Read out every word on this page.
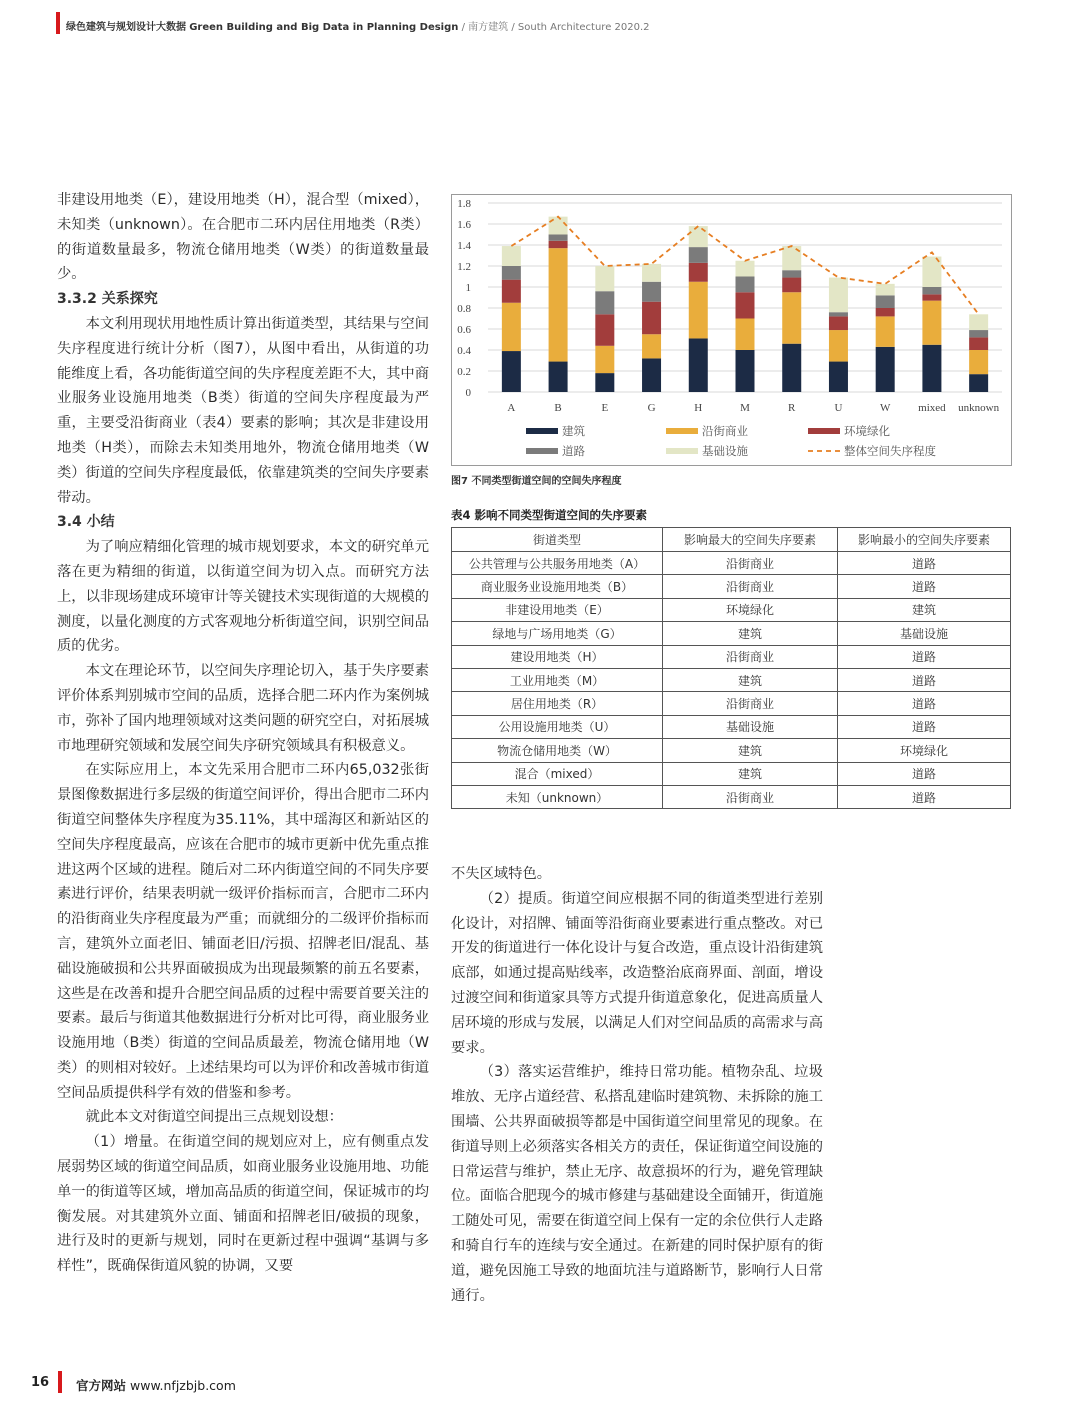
绿色建筑与规划设计大数据 Green Building and Big Data in Planning Design / 南方建筑 / South Architecture 2020.2

非建设用地类（E），建设用地类（H），混合型（mixed），未知类（unknown）。在合肥市二环内居住用地类（R类）的街道数量最多，物流仓储用地类（W类）的街道数量最少。

3.3.2 关系探究

本文利用现状用地性质计算出街道类型，其结果与空间失序程度进行统计分析（图7），从图中看出，从街道的功能维度上看，各功能街道空间的失序程度差距不大，其中商业服务业设施用地类（B类）街道的空间失序程度最为严重，主要受沿街商业（表4）要素的影响；其次是非建设用地类（H类），而除去未知类用地外，物流仓储用地类（W类）街道的空间失序程度最低，依靠建筑类的空间失序要素带动。

3.4 小结

为了响应精细化管理的城市规划要求，本文的研究单元落在更为精细的街道，以街道空间为切入点。而研究方法上，以非现场建成环境审计等关键技术实现街道的大规模的测度，以量化测度的方式客观地分析街道空间，识别空间品质的优劣。

本文在理论环节，以空间失序理论切入，基于失序要素评价体系判别城市空间的品质，选择合肥二环内作为案例城市，弥补了国内地理领域对这类问题的研究空白，对拓展城市地理研究领域和发展空间失序研究领域具有积极意义。

在实际应用上，本文先采用合肥市二环内65,032张街景图像数据进行多层级的街道空间评价，得出合肥市二环内街道空间整体失序程度为35.11%，其中瑶海区和新站区的空间失序程度最高，应该在合肥市的城市更新中优先重点推进这两个区域的进程。随后对二环内街道空间的不同失序要素进行评价，结果表明就一级评价指标而言，合肥市二环内的沿街商业失序程度最为严重；而就细分的二级评价指标而言，建筑外立面老旧、铺面老旧/污损、招牌老旧/混乱、基础设施破损和公共界面破损成为出现最频繁的前五名要素，这些是在改善和提升合肥空间品质的过程中需要首要关注的要素。最后与街道其他数据进行分析对比可得，商业服务业设施用地（B类）街道的空间品质最差，物流仓储用地（W类）的则相对较好。上述结果均可以为评价和改善城市街道空间品质提供科学有效的借鉴和参考。

就此本文对街道空间提出三点规划设想：

（1）增量。在街道空间的规划应对上，应有侧重点发展弱势区域的街道空间品质，如商业服务业设施用地、功能单一的街道等区域，增加高品质的街道空间，保证城市的均衡发展。对其建筑外立面、铺面和招牌老旧/破损的现象，进行及时的更新与规划，同时在更新过程中强调“基调与多样性”，既确保街道风貌的协调，又要

0
0.2
0.4
0.6
0.8
1
1.2
1.4
1.6
1.8
A	B	E	G	H	M	R	U	W	mixed unknown
建筑	沿街商业	环境绿化
道路	基础设施	整体空间失序程度
图7 不同类型街道空间的空间失序程度
表4 影响不同类型街道空间的失序要素
街道类型	影响最大的空间失序要素	影响最小的空间失序要素
公共管理与公共服务用地类（A）	沿街商业	道路
商业服务业设施用地类（B）	沿街商业	道路
非建设用地类（E）	环境绿化	建筑
绿地与广场用地类（G）	建筑	基础设施
建设用地类（H）	沿街商业	道路
工业用地类（M）	建筑	道路
居住用地类（R）	沿街商业	道路
公用设施用地类（U）	基础设施	道路
物流仓储用地类（W）	建筑	环境绿化
混合（mixed）	建筑	道路
未知（unknown）	沿街商业	道路

不失区域特色。

（2）提质。街道空间应根据不同的街道类型进行差别化设计，对招牌、铺面等沿街商业要素进行重点整改。对已开发的街道进行一体化设计与复合改造，重点设计沿街建筑底部，如通过提高贴线率，改造整治底商界面、剖面，增设过渡空间和街道家具等方式提升街道意象化，促进高质量人居环境的形成与发展，以满足人们对空间品质的高需求与高要求。

（3）落实运营维护，维持日常功能。植物杂乱、垃圾堆放、无序占道经营、私搭乱建临时建筑物、未拆除的施工围墙、公共界面破损等都是中国街道空间里常见的现象。在街道导则上必须落实各相关方的责任，保证街道空间设施的日常运营与维护，禁止无序、故意损坏的行为，避免管理缺位。面临合肥现今的城市修建与基础建设全面铺开，街道施工随处可见，需要在街道空间上保有一定的余位供行人走路和骑自行车的连续与安全通过。在新建的同时保护原有的街道，避免因施工导致的地面坑洼与道路断节，影响行人日常通行。

16 官方网站 www.nfjzbjb.com
